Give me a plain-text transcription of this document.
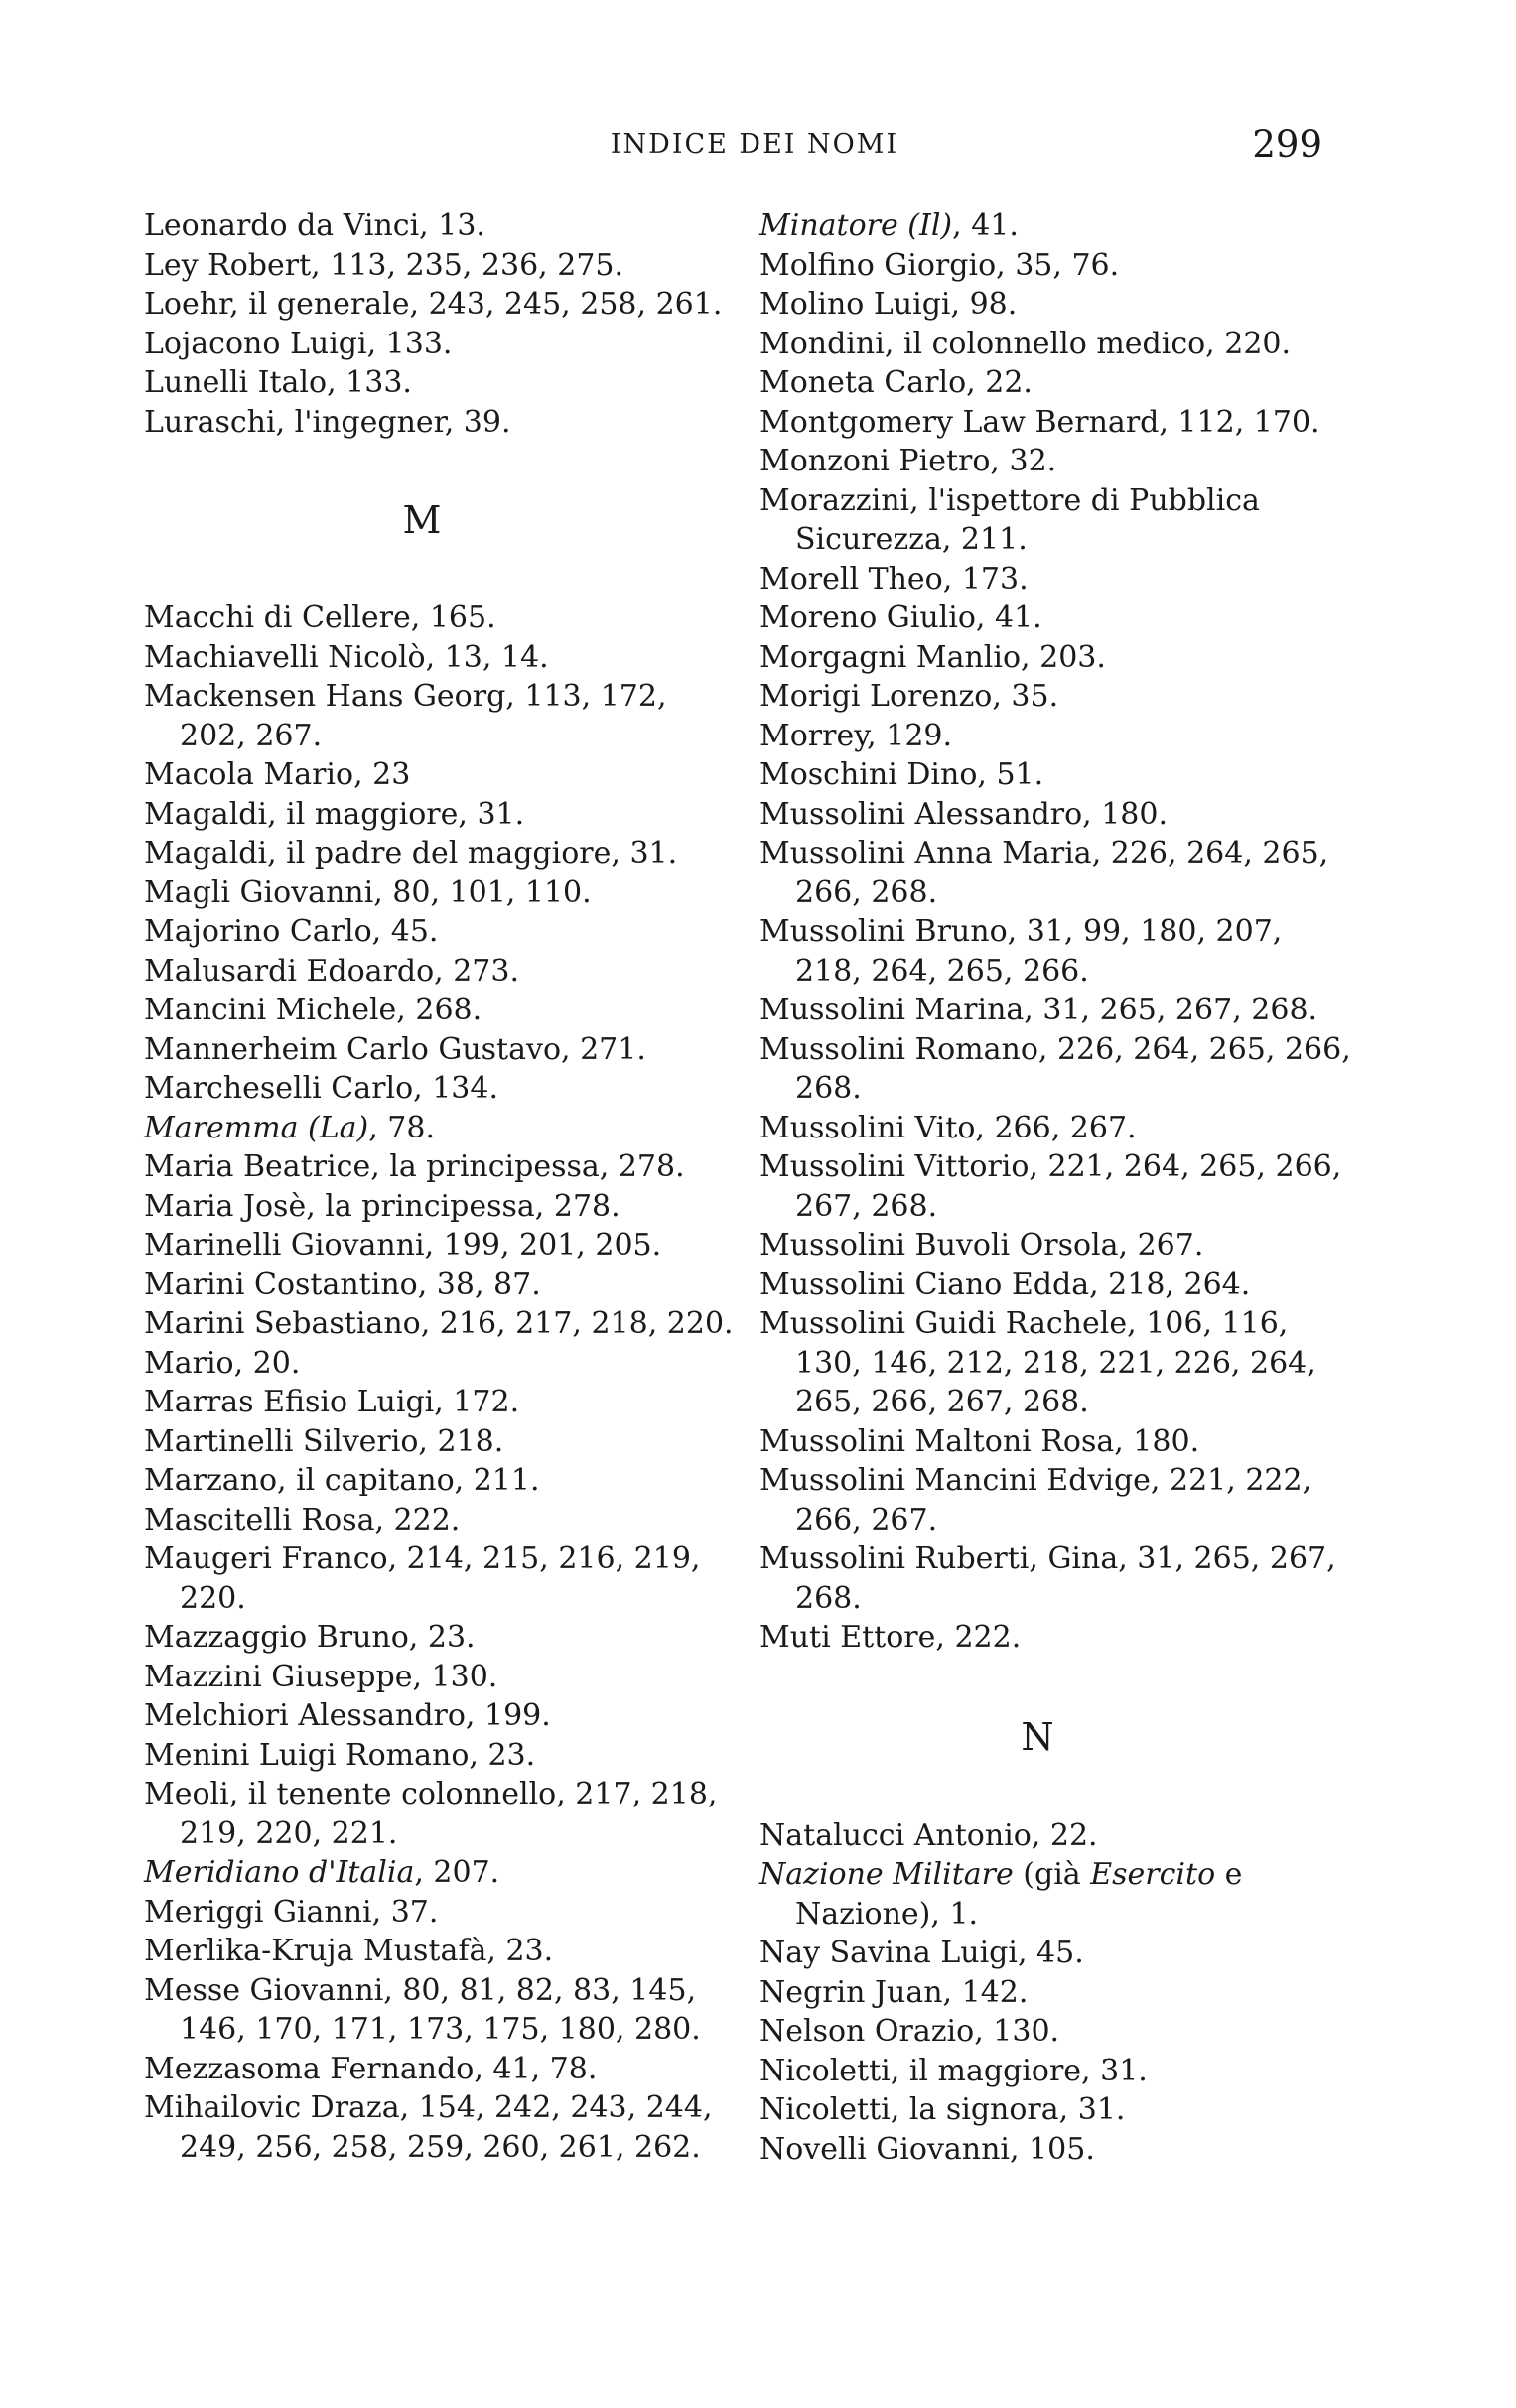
INDICE DEI NOMI	299
Leonardo da Vinci, 13.
Ley Robert, 113, 235, 236, 275.
Loehr, il generale, 243, 245, 258, 261.
Lojacono Luigi, 133.
Lunelli Italo, 133.
Luraschi, l'ingegner, 39.
M
Macchi di Cellere, 165.
Machiavelli Nicolò, 13, 14.
Mackensen Hans Georg, 113, 172, 202, 267.
Macola Mario, 23
Magaldi, il maggiore, 31.
Magaldi, il padre del maggiore, 31.
Magli Giovanni, 80, 101, 110.
Majorino Carlo, 45.
Malusardi Edoardo, 273.
Mancini Michele, 268.
Mannerheim Carlo Gustavo, 271.
Marcheselli Carlo, 134.
Maremma (La), 78.
Maria Beatrice, la principessa, 278.
Maria Josè, la principessa, 278.
Marinelli Giovanni, 199, 201, 205.
Marini Costantino, 38, 87.
Marini Sebastiano, 216, 217, 218, 220.
Mario, 20.
Marras Efisio Luigi, 172.
Martinelli Silverio, 218.
Marzano, il capitano, 211.
Mascitelli Rosa, 222.
Maugeri Franco, 214, 215, 216, 219, 220.
Mazzaggio Bruno, 23.
Mazzini Giuseppe, 130.
Melchiori Alessandro, 199.
Menini Luigi Romano, 23.
Meoli, il tenente colonnello, 217, 218, 219, 220, 221.
Meridiano d'Italia, 207.
Meriggi Gianni, 37.
Merlika-Kruja Mustafà, 23.
Messe Giovanni, 80, 81, 82, 83, 145, 146, 170, 171, 173, 175, 180, 280.
Mezzasoma Fernando, 41, 78.
Mihailovic Draza, 154, 242, 243, 244, 249, 256, 258, 259, 260, 261, 262.
Minatore (Il), 41.
Molfino Giorgio, 35, 76.
Molino Luigi, 98.
Mondini, il colonnello medico, 220.
Moneta Carlo, 22.
Montgomery Law Bernard, 112, 170.
Monzoni Pietro, 32.
Morazzini, l'ispettore di Pubblica Sicurezza, 211.
Morell Theo, 173.
Moreno Giulio, 41.
Morgagni Manlio, 203.
Morigi Lorenzo, 35.
Morrey, 129.
Moschini Dino, 51.
Mussolini Alessandro, 180.
Mussolini Anna Maria, 226, 264, 265, 266, 268.
Mussolini Bruno, 31, 99, 180, 207, 218, 264, 265, 266.
Mussolini Marina, 31, 265, 267, 268.
Mussolini Romano, 226, 264, 265, 266, 268.
Mussolini Vito, 266, 267.
Mussolini Vittorio, 221, 264, 265, 266, 267, 268.
Mussolini Buvoli Orsola, 267.
Mussolini Ciano Edda, 218, 264.
Mussolini Guidi Rachele, 106, 116, 130, 146, 212, 218, 221, 226, 264, 265, 266, 267, 268.
Mussolini Maltoni Rosa, 180.
Mussolini Mancini Edvige, 221, 222, 266, 267.
Mussolini Ruberti, Gina, 31, 265, 267, 268.
Muti Ettore, 222.
N
Natalucci Antonio, 22.
Nazione Militare (già Esercito e Nazione), 1.
Nay Savina Luigi, 45.
Negrin Juan, 142.
Nelson Orazio, 130.
Nicoletti, il maggiore, 31.
Nicoletti, la signora, 31.
Novelli Giovanni, 105.
